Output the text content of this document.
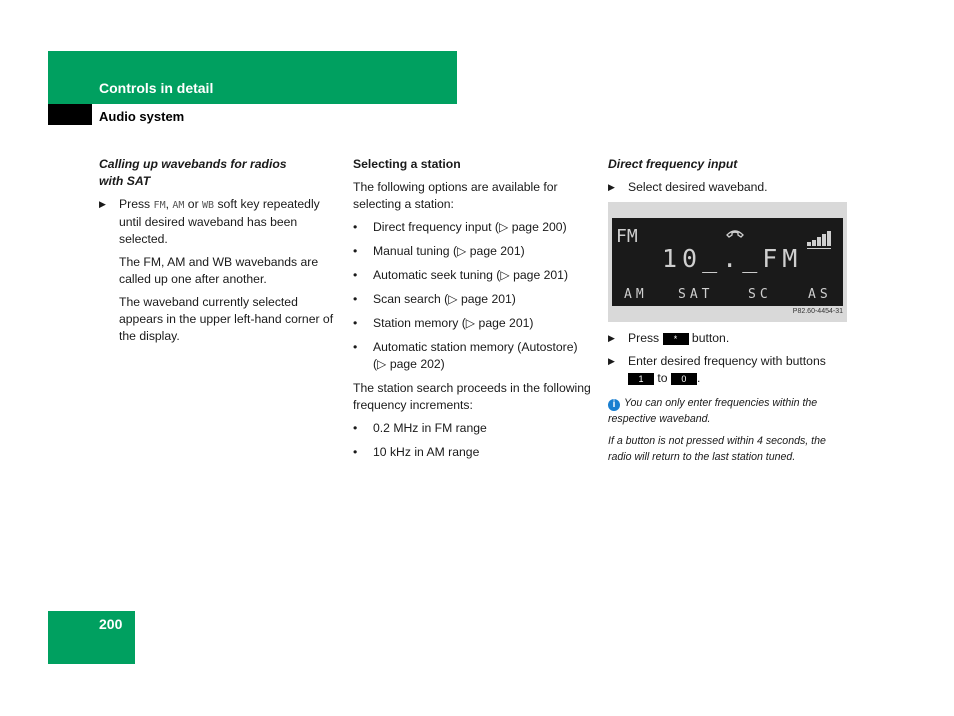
Controls in detail
Audio system

Calling up wavebands for radios
with SAT

▶ Press FM, AM or WB soft key repeatedly until desired waveband has been selected.

The FM, AM and WB wavebands are called up one after another.

The waveband currently selected appears in the upper left-hand corner of the display.

Selecting a station

The following options are available for selecting a station:

• Direct frequency input (▷ page 200)
• Manual tuning (▷ page 201)
• Automatic seek tuning (▷ page 201)
• Scan search (▷ page 201)
• Station memory (▷ page 201)
• Automatic station memory (Autostore) (▷ page 202)

The station search proceeds in the following frequency increments:

• 0.2 MHz in FM range
• 10 kHz in AM range

Direct frequency input

▶ Select desired waveband.
FM
10_._FM
AM SAT	SC	AS
P82.60-4454-31
▶ Press * button.
▶ Enter desired frequency with buttons 1 to 0 .

i You can only enter frequencies within the respective waveband.

If a button is not pressed within 4 seconds, the radio will return to the last station tuned.

200
